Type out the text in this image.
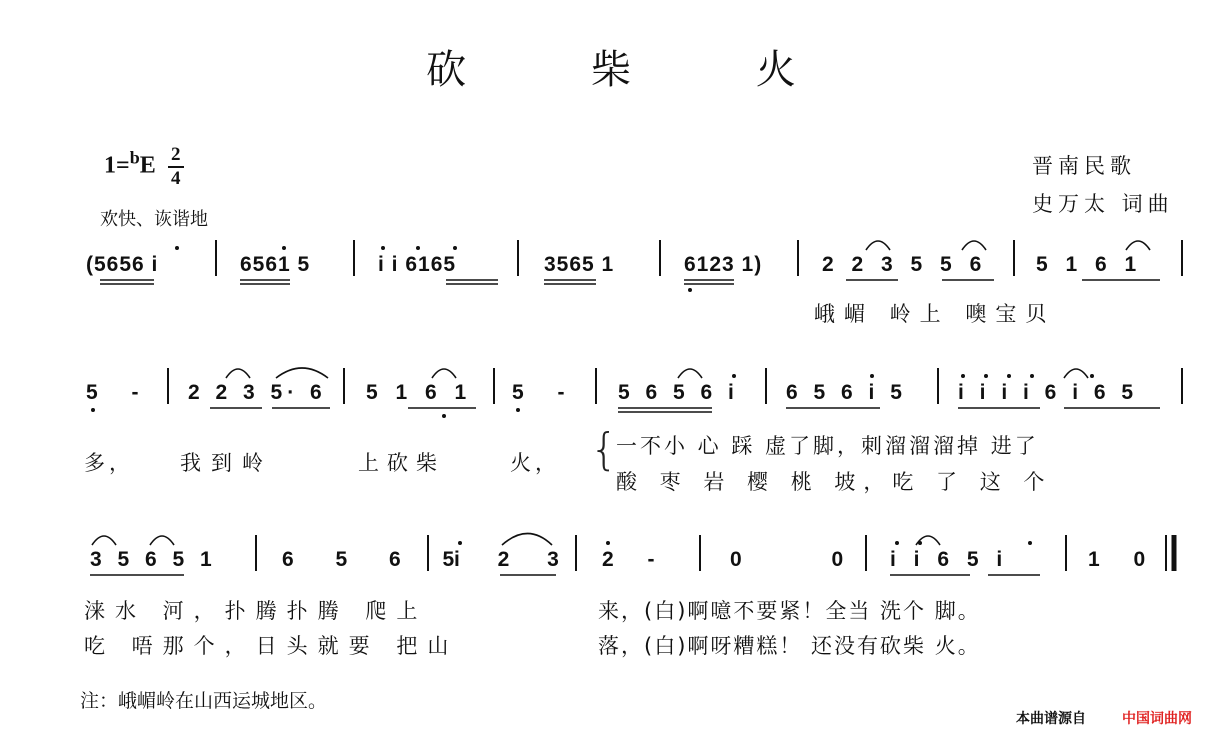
砍 柴 火
$1=^bE \frac{2}{4}$
欢快、诙谐地
晋南民歌
史万太 词曲
(5656 i	6561 5	i i 6165	3565 1	6123 1)	2 2 3 5 5 6 5 1 6 1
峨嵋 岭上 噢宝贝
5 - 2 2 3 5· 6 5 1 6 1 5 - 5 6 5 6 i 6 5 6 i 5 i i i i 6 i 6 5
多， 我到岭	上砍柴	火， {
一不小 心 踩 虚了脚，刺溜溜溜掉 进了
酸 枣 岩 樱 桃 坡，吃 了 这 个
3 5 6 5 1	6 5 6 5
i 2 3 2 -	0 0 i i 6 5 i	1 0
涞水 河，扑腾扑腾 爬上	来，(白)啊噫不要紧！全当 洗个 脚。
吃 唔那个，日头就要 把山	落，(白)啊呀糟糕！ 还没有砍柴 火。
注：峨嵋岭在山西运城地区。
本曲谱源自	中国词曲网
